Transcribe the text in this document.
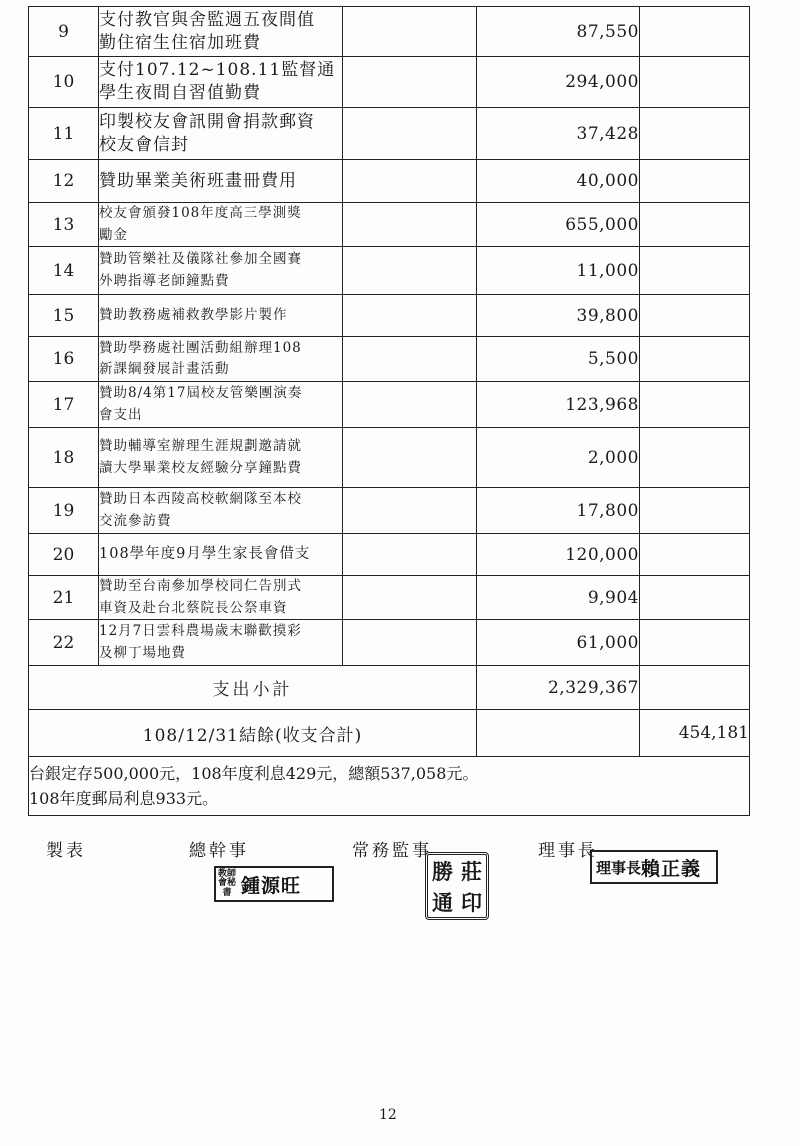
9	支付教官與舍監週五夜間值
勤住宿生住宿加班費		87,550	
10	支付107.12~108.11監督通
學生夜間自習值勤費		294,000	
11	印製校友會訊開會捐款郵資
校友會信封		37,428	
12	贊助畢業美術班畫冊費用		40,000	
13	校友會頒發108年度高三學測獎
勵金		655,000	
14	贊助管樂社及儀隊社參加全國賽
外聘指導老師鐘點費		11,000	
15	贊助教務處補救教學影片製作		39,800	
16	贊助學務處社團活動組辦理108
新課綱發展計畫活動		5,500	
17	贊助8/4第17屆校友管樂團演奏
會支出		123,968	
18	贊助輔導室辦理生涯規劃邀請就
讀大學畢業校友經驗分享鐘點費		2,000	
19	贊助日本西陵高校軟網隊至本校
交流參訪費		17,800	
20	108學年度9月學生家長會借支		120,000	
21	贊助至台南參加學校同仁告別式
車資及赴台北蔡院長公祭車資		9,904	
22	12月7日雲科農場歲末聯歡摸彩
及柳丁場地費		61,000	
支出小計			2,329,367	
108/12/31結餘(收支合計)				454,181

台銀定存500,000元，108年度利息429元，總額537,058元。
108年度郵局利息933元。				
製表	總幹事	常務監事	理事長
教師會秘書 鍾源旺
勝 莊
通 印
理事長 賴正義
12
